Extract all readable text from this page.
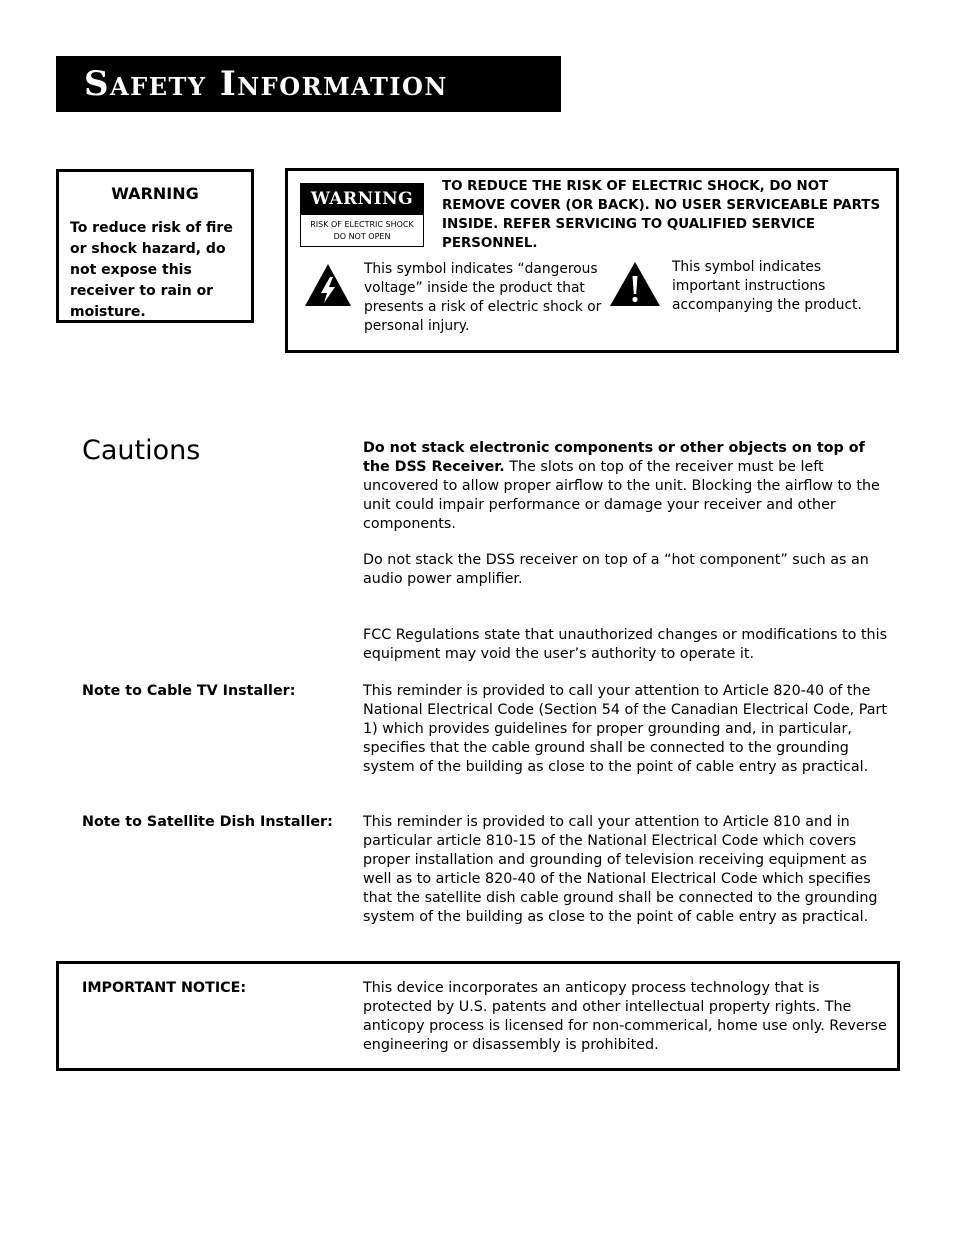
Safety Information
WARNING
To reduce risk of fire or shock hazard, do not expose this receiver to rain or moisture.
WARNING
RISK OF ELECTRIC SHOCK
DO NOT OPEN
TO REDUCE THE RISK OF ELECTRIC SHOCK, DO NOT REMOVE COVER (OR BACK). NO USER SERVICEABLE PARTS INSIDE. REFER SERVICING TO QUALIFIED SERVICE PERSONNEL.
This symbol indicates “dangerous voltage” inside the product that presents a risk of electric shock or personal injury.
This symbol indicates important instructions accompanying the product.
Cautions	Do not stack electronic components or other objects on top of the DSS Receiver. The slots on top of the receiver must be left uncovered to allow proper airflow to the unit. Blocking the airflow to the unit could impair performance or damage your receiver and other components.
Do not stack the DSS receiver on top of a “hot component” such as an audio power amplifier.
FCC Regulations state that unauthorized changes or modifications to this equipment may void the user’s authority to operate it.
Note to Cable TV Installer:	This reminder is provided to call your attention to Article 820-40 of the National Electrical Code (Section 54 of the Canadian Electrical Code, Part 1) which provides guidelines for proper grounding and, in particular, specifies that the cable ground shall be connected to the grounding system of the building as close to the point of cable entry as practical.
Note to Satellite Dish Installer: This reminder is provided to call your attention to Article 810 and in particular article 810-15 of the National Electrical Code which covers proper installation and grounding of television receiving equipment as well as to article 820-40 of the National Electrical Code which specifies that the satellite dish cable ground shall be connected to the grounding system of the building as close to the point of cable entry as practical.
IMPORTANT NOTICE:	This device incorporates an anticopy process technology that is protected by U.S. patents and other intellectual property rights. The anticopy process is licensed for non-commerical, home use only. Reverse engineering or disassembly is prohibited.
